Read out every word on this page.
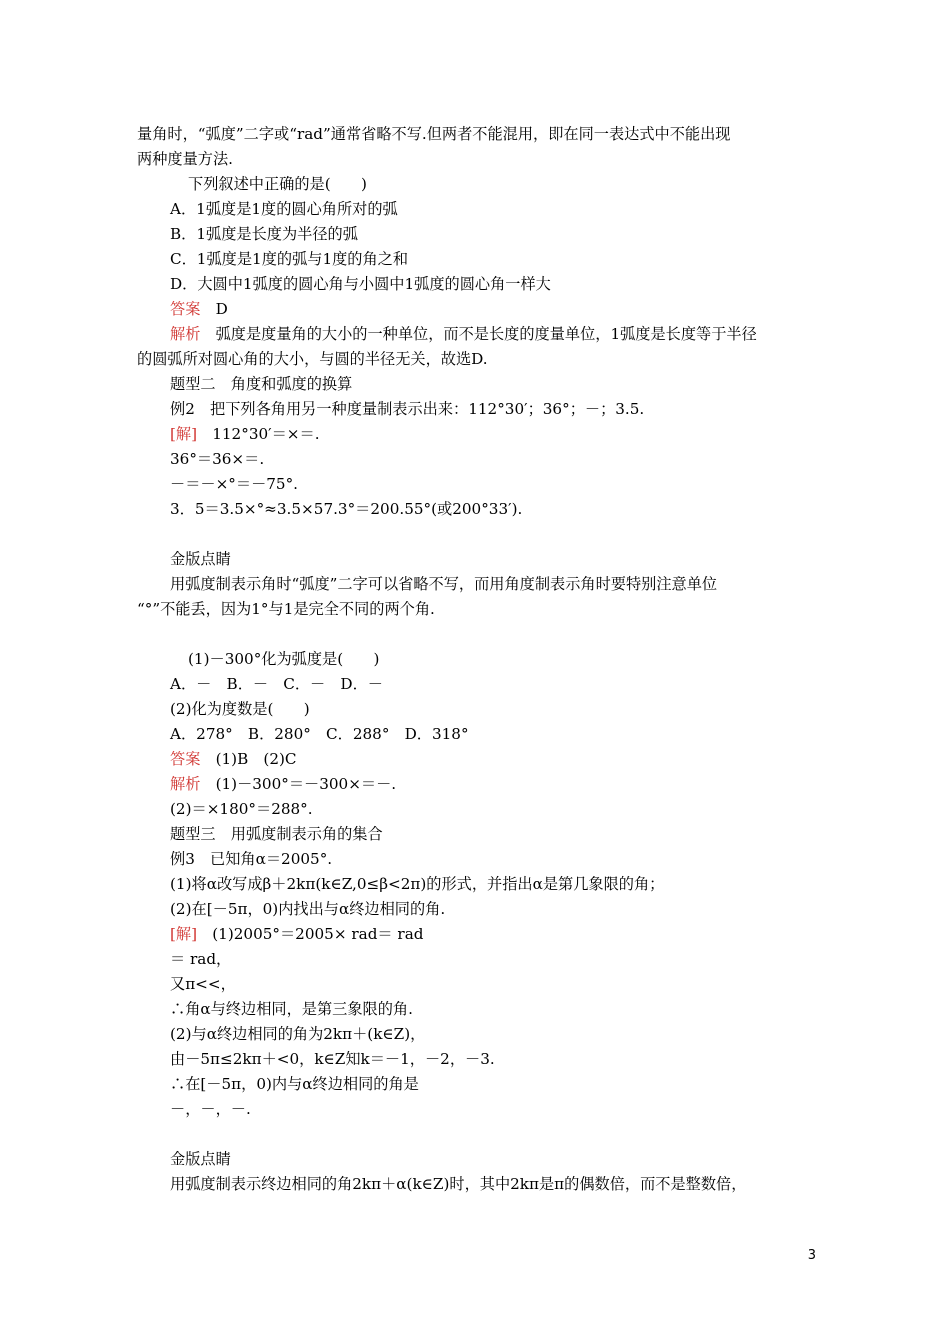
量角时，“弧度”二字或“rad”通常省略不写.但两者不能混用，即在同一表达式中不能出现
两种度量方法.
下列叙述中正确的是(　　)
A．1弧度是1度的圆心角所对的弧
B．1弧度是长度为半径的弧
C．1弧度是1度的弧与1度的角之和
D．大圆中1弧度的圆心角与小圆中1弧度的圆心角一样大
答案　D
解析　弧度是度量角的大小的一种单位，而不是长度的度量单位，1弧度是长度等于半径
的圆弧所对圆心角的大小，与圆的半径无关，故选D.
题型二　角度和弧度的换算
例2　把下列各角用另一种度量制表示出来：112°30′；36°；－；3.5.
[解]　112°30′＝×＝.
36°＝36×＝.
－＝－×°＝－75°.
3．5＝3.5×°≈3.5×57.3°＝200.55°(或200°33′).
金版点睛
用弧度制表示角时“弧度”二字可以省略不写，而用角度制表示角时要特别注意单位
“°”不能丢，因为1°与1是完全不同的两个角.
(1)－300°化为弧度是(　　)
A．－　B．－　C．－　D．－
(2)化为度数是(　　)
A．278°　B．280°　C．288°　D．318°
答案　(1)B　(2)C
解析　(1)－300°＝－300×＝－.
(2)＝×180°＝288°.
题型三　用弧度制表示角的集合
例3　已知角α＝2005°.
(1)将α改写成β＋2kπ(k∈Z,0≤β<2π)的形式，并指出α是第几象限的角；
(2)在[－5π，0)内找出与α终边相同的角.
[解]　(1)2005°＝2005× rad＝ rad
＝ rad，
又π<<，
∴角α与终边相同，是第三象限的角.
(2)与α终边相同的角为2kπ＋(k∈Z)，
由－5π≤2kπ＋<0，k∈Z知k＝－1，－2，－3.
∴在[－5π，0)内与α终边相同的角是
－，－，－.
金版点睛
用弧度制表示终边相同的角2kπ＋α(k∈Z)时，其中2kπ是π的偶数倍，而不是整数倍，
3
